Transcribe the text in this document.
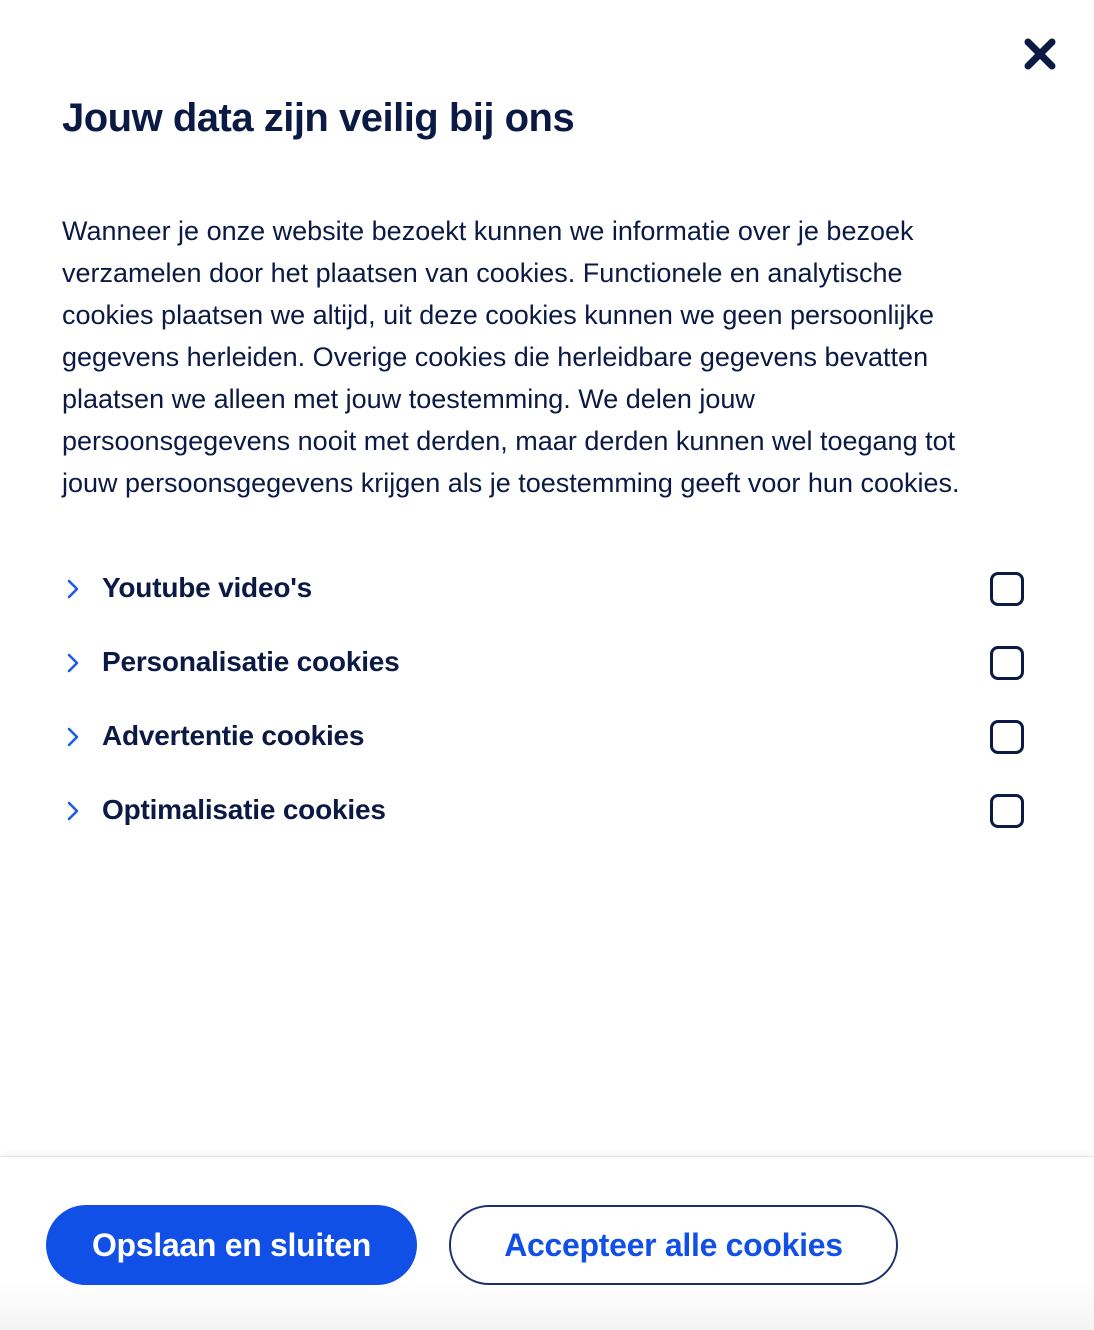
Jouw data zijn veilig bij ons
Wanneer je onze website bezoekt kunnen we informatie over je bezoek
verzamelen door het plaatsen van cookies. Functionele en analytische
cookies plaatsen we altijd, uit deze cookies kunnen we geen persoonlijke
gegevens herleiden. Overige cookies die herleidbare gegevens bevatten
plaatsen we alleen met jouw toestemming. We delen jouw
persoonsgegevens nooit met derden, maar derden kunnen wel toegang tot
jouw persoonsgegevens krijgen als je toestemming geeft voor hun cookies.
Youtube video's
Personalisatie cookies
Advertentie cookies
Optimalisatie cookies
Opslaan en sluiten	Accepteer alle cookies
